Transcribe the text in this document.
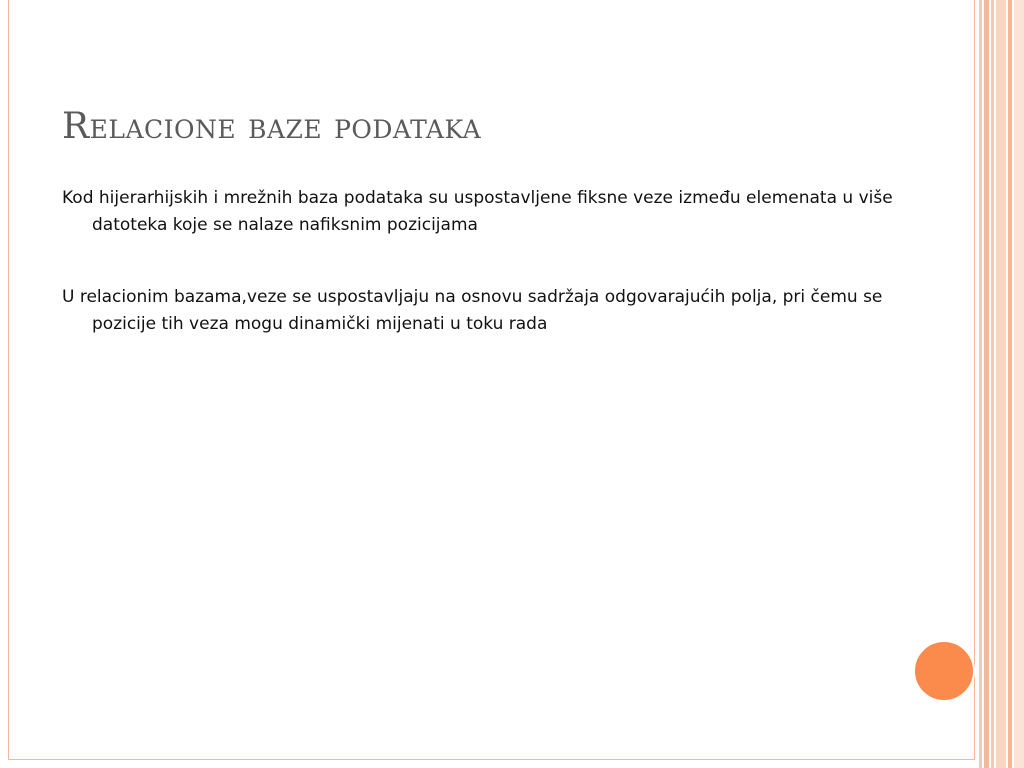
Relacione baze podataka

Kod hijerarhijskih i mrežnih baza podataka su uspostavljene fiksne veze između elemenata u više datoteka koje se nalaze nafiksnim pozicijama

U relacionim bazama,veze se uspostavljaju na osnovu sadržaja odgovarajućih polja, pri čemu se pozicije tih veza mogu dinamički mijenati u toku rada
